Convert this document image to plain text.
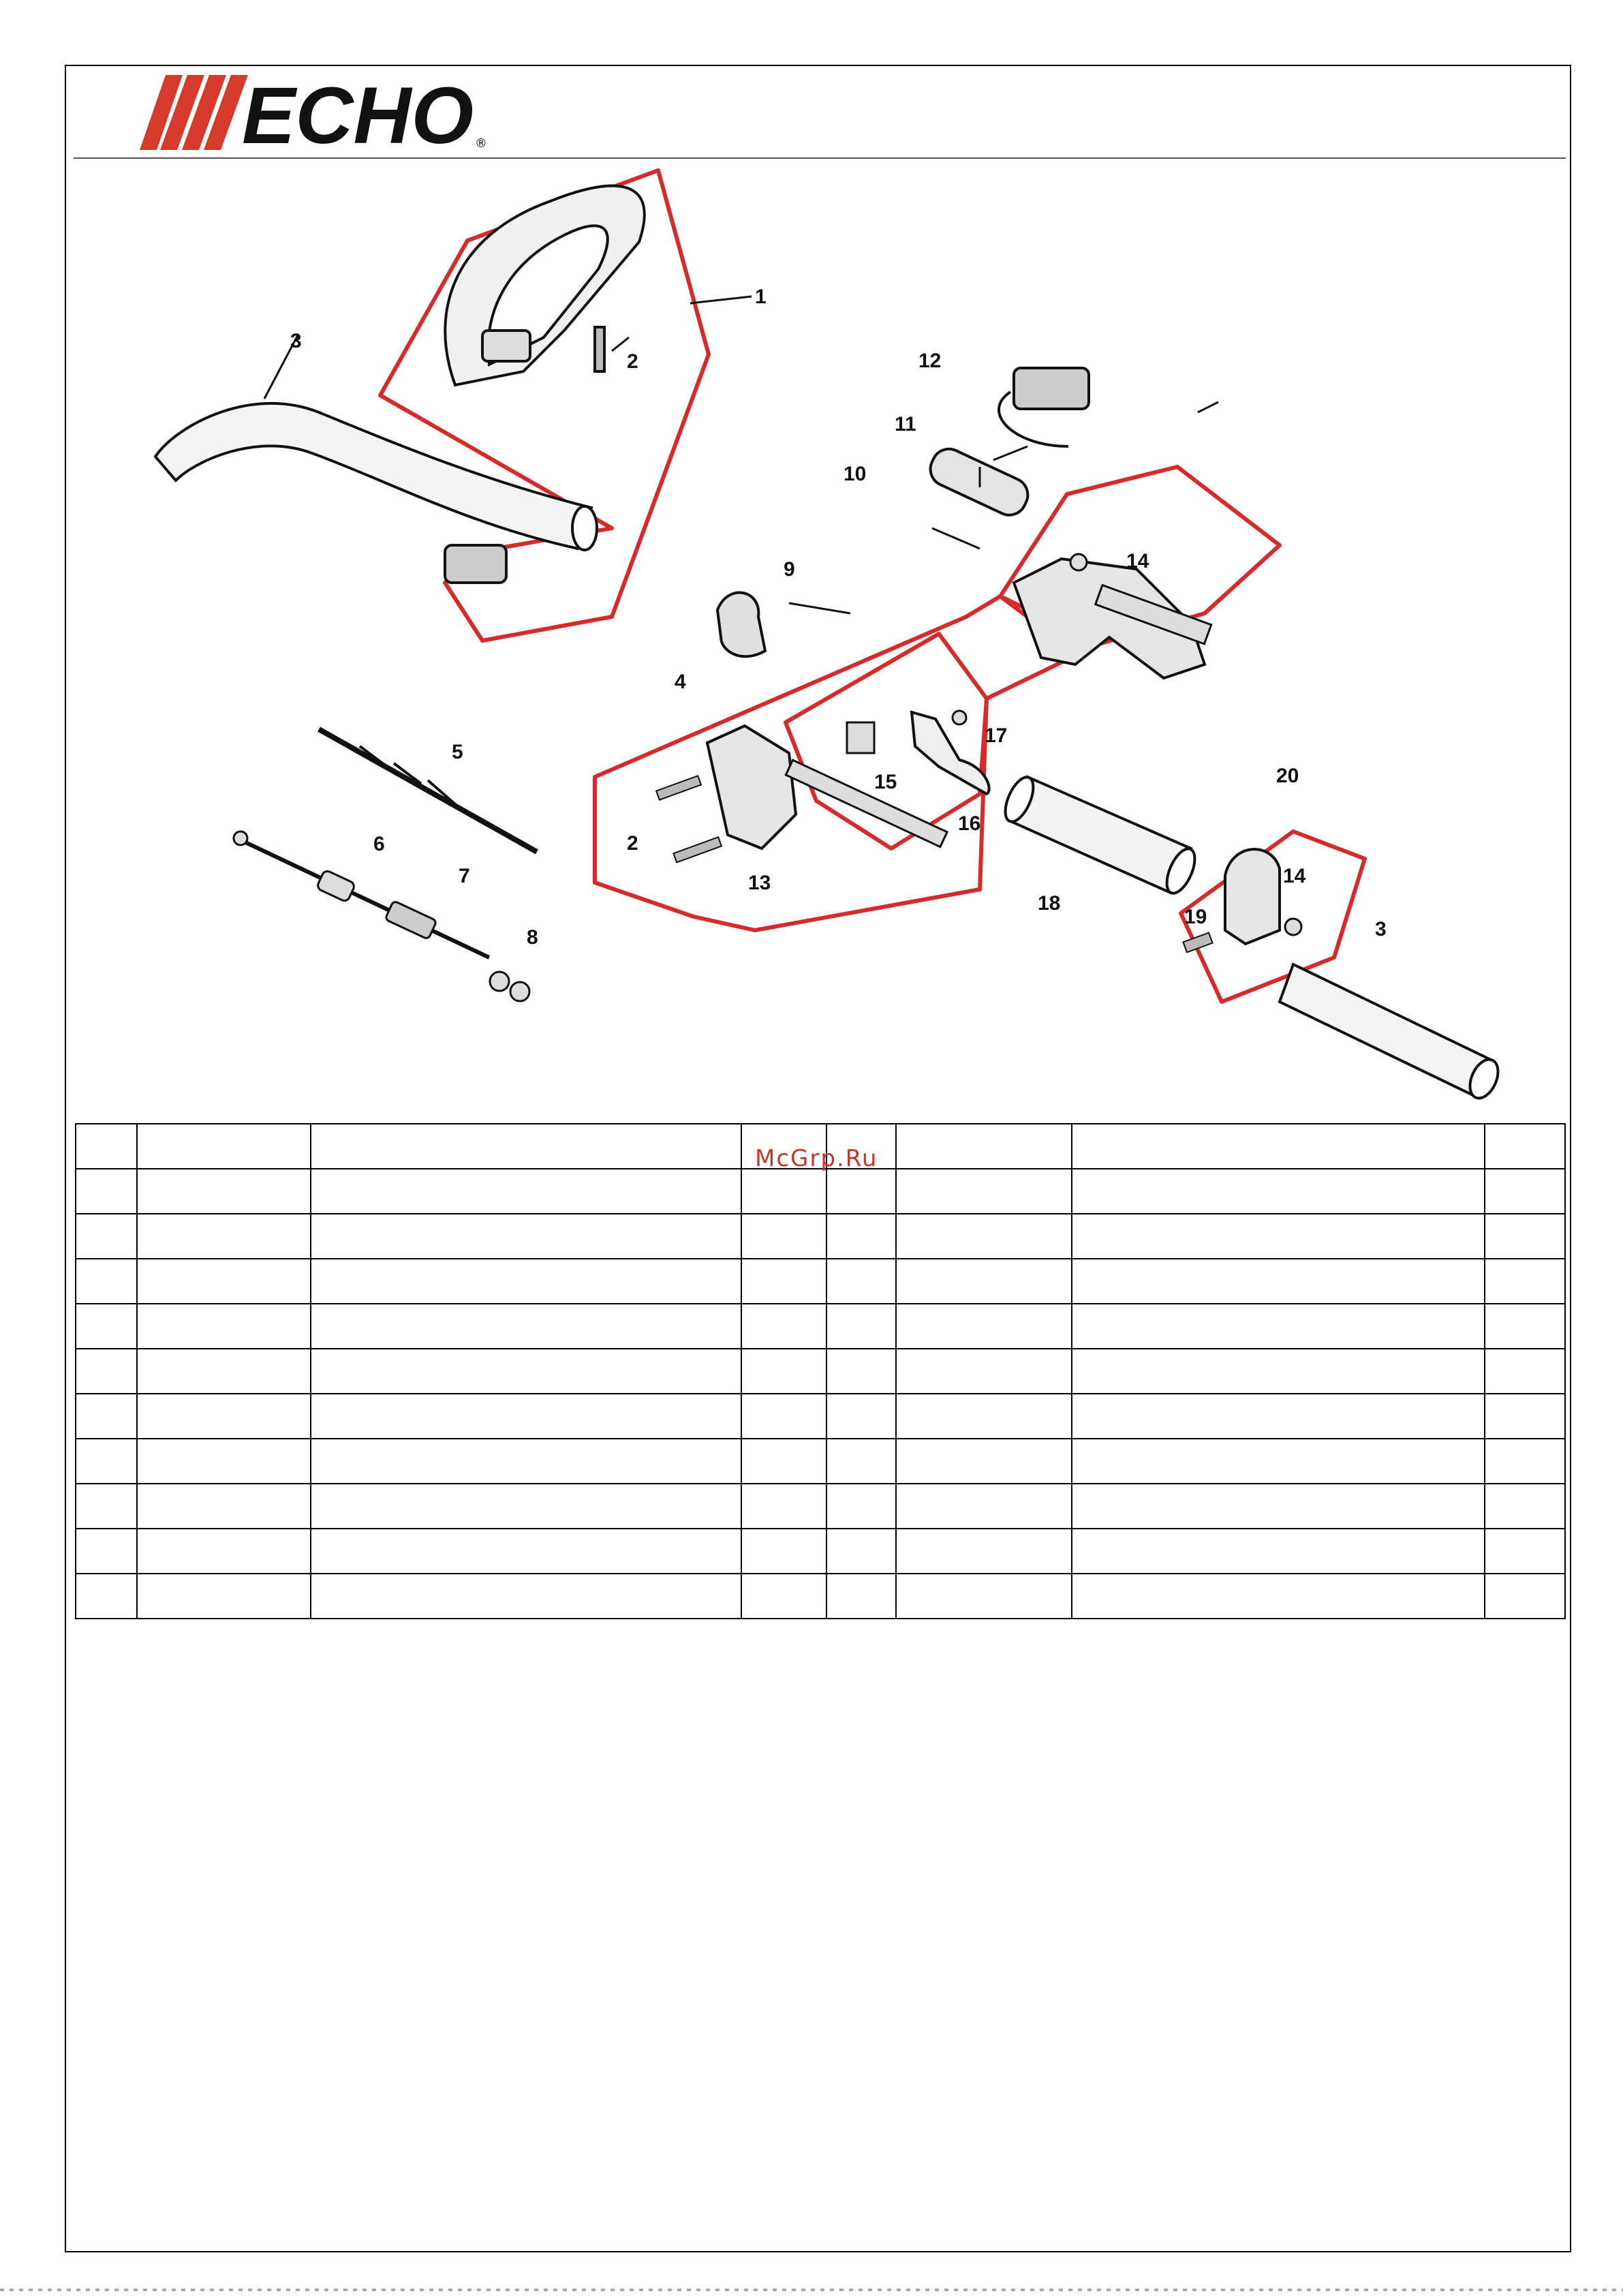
ECHO ®
1
2
3
2
3
4
5
6
7
8
9
10
11
12
13
14
14
15
16
17
18
19
20

McGrp.Ru
